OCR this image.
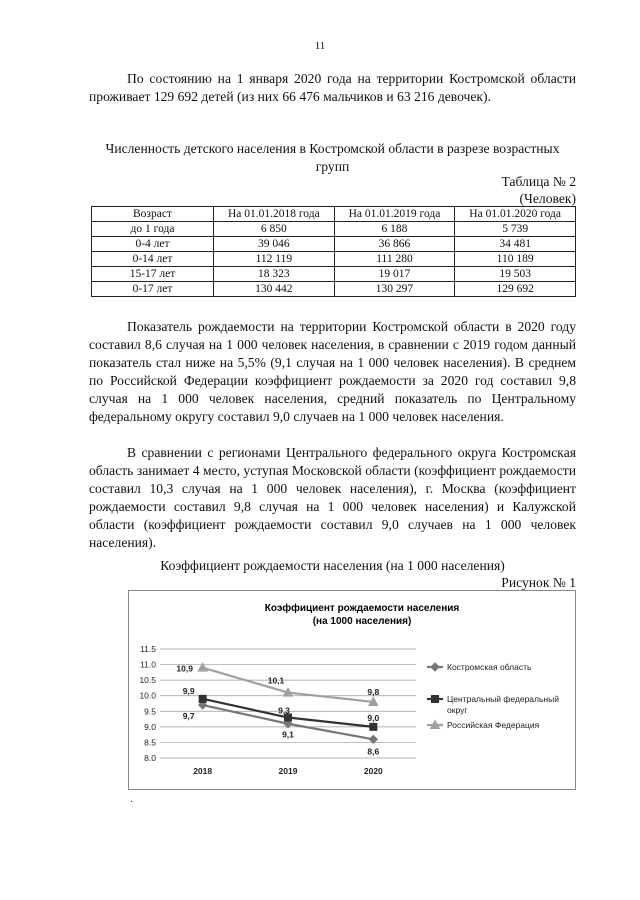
11

По состоянию на 1 января 2020 года на территории Костромской области проживает 129 692 детей (из них 66 476 мальчиков и 63 216 девочек).

Численность детского населения в Костромской области в разрезе возрастных групп
Таблица № 2
(Человек)
Возраст	На 01.01.2018 года	На 01.01.2019 года	На 01.01.2020 года
до 1 года	6 850	6 188	5 739
0-4 лет	39 046	36 866	34 481
0-14 лет	112 119	111 280	110 189
15-17 лет	18 323	19 017	19 503
0-17 лет	130 442	130 297	129 692

Показатель рождаемости на территории Костромской области в 2020 году составил 8,6 случая на 1 000 человек населения, в сравнении с 2019 годом данный показатель стал ниже на 5,5% (9,1 случая на 1 000 человек населения). В среднем по Российской Федерации коэффициент рождаемости за 2020 год составил 9,8 случая на 1 000 человек населения, средний показатель по Центральному федеральному округу составил 9,0 случаев на 1 000 человек населения.

В сравнении с регионами Центрального федерального округа Костромская область занимает 4 место, уступая Московской области (коэффициент рождаемости составил 10,3 случая на 1 000 человек населения), г. Москва (коэффициент рождаемости составил 9,8 случая на 1 000 человек населения) и Калужской области (коэффициент рождаемости составил 9,0 случаев на 1 000 человек населения).

Коэффициент рождаемости населения (на 1 000 населения)
Рисунок № 1
Коэффициент рождаемости населения
(на 1000 населения)
11.5
11.0
10.5
10.0
9.5
9.0
8.5
8.0
2018	2019	2020
9,7
9,1
8,6
9,9
9,3
9,0
10,9
10,1
9,8
Костромская область
Центральный федеральный округ
Российская Федерация
·
